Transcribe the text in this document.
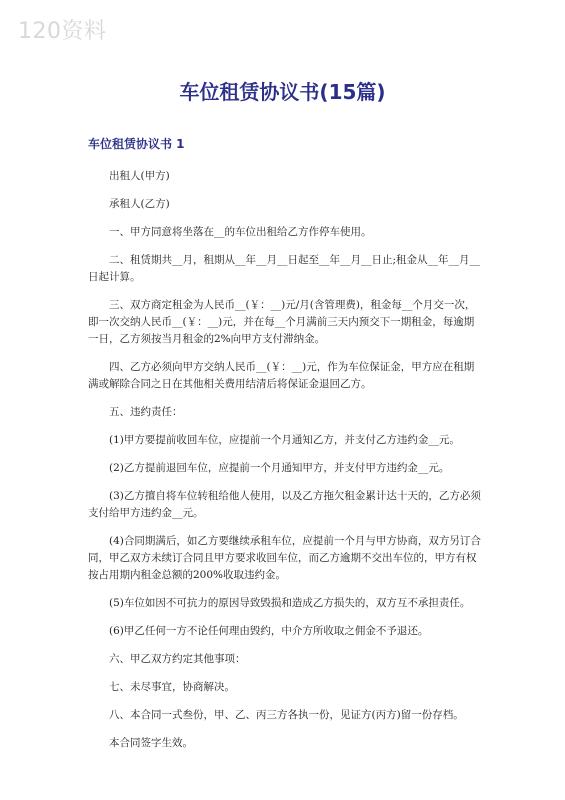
120资料
车位租赁协议书(15篇)
车位租赁协议书 1

出租人(甲方)

承租人(乙方)

一、甲方同意将坐落在__的车位出租给乙方作停车使用。

二、租赁期共__月，租期从__年__月__日起至__年__月__日止;租金从__年__月__日起计算。

三、双方商定租金为人民币__(￥：__)元/月(含管理费)，租金每__个月交一次，即一次交纳人民币__(￥：__)元，并在每__个月满前三天内预交下一期租金，每逾期一日，乙方须按当月租金的2%向甲方支付滞纳金。

四、乙方必须向甲方交纳人民币__(￥：__)元，作为车位保证金，甲方应在租期满或解除合同之日在其他相关费用结清后将保证金退回乙方。

五、违约责任：

(1)甲方要提前收回车位，应提前一个月通知乙方，并支付乙方违约金__元。

(2)乙方提前退回车位，应提前一个月通知甲方，并支付甲方违约金__元。

(3)乙方擅自将车位转租给他人使用，以及乙方拖欠租金累计达十天的，乙方必须支付给甲方违约金__元。

(4)合同期满后，如乙方要继续承租车位，应提前一个月与甲方协商，双方另订合同，甲乙双方未续订合同且甲方要求收回车位，而乙方逾期不交出车位的，甲方有权按占用期内租金总额的200%收取违约金。

(5)车位如因不可抗力的原因导致毁损和造成乙方损失的，双方互不承担责任。

(6)甲乙任何一方不论任何理由毁约，中介方所收取之佣金不予退还。

六、甲乙双方约定其他事项：

七、未尽事宜，协商解决。

八、本合同一式叁份，甲、乙、丙三方各执一份，见证方(丙方)留一份存档。

本合同签字生效。
